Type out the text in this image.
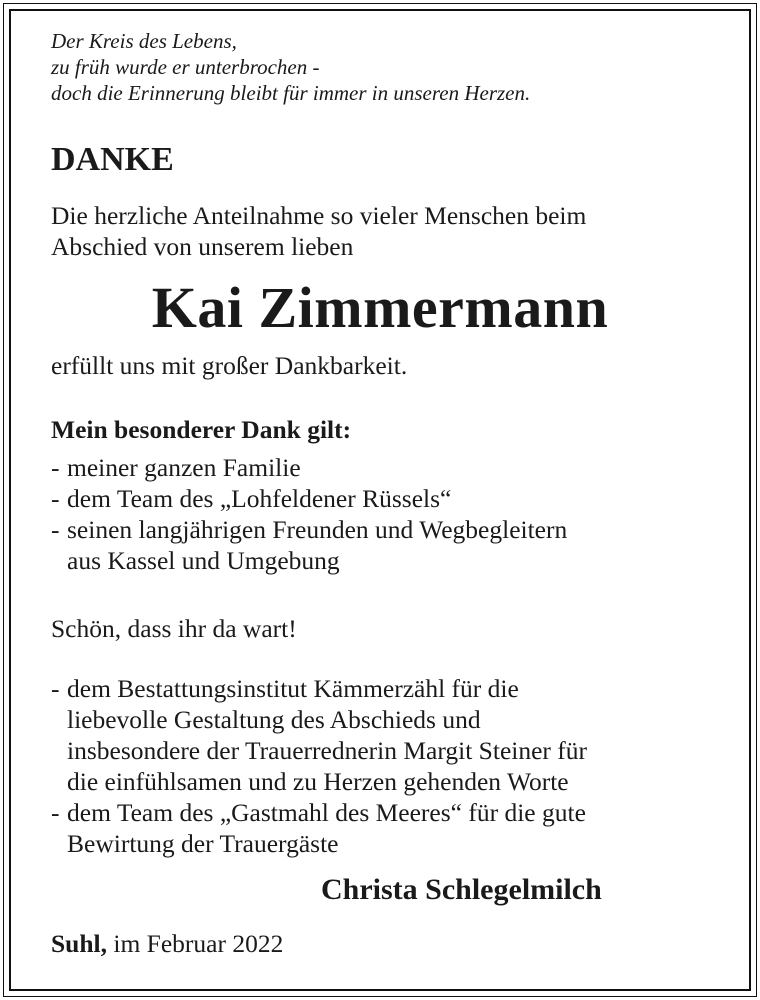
Der Kreis des Lebens,
zu früh wurde er unterbrochen -
doch die Erinnerung bleibt für immer in unseren Herzen.
DANKE
Die herzliche Anteilnahme so vieler Menschen beim
Abschied von unserem lieben
Kai Zimmermann
erfüllt uns mit großer Dankbarkeit.
Mein besonderer Dank gilt:
- meiner ganzen Familie
- dem Team des „Lohfeldener Rüssels“
- seinen langjährigen Freunden und Wegbegleitern
aus Kassel und Umgebung
Schön, dass ihr da wart!
- dem Bestattungsinstitut Kämmerzähl für die
liebevolle Gestaltung des Abschieds und
insbesondere der Trauerrednerin Margit Steiner für
die einfühlsamen und zu Herzen gehenden Worte
- dem Team des „Gastmahl des Meeres“ für die gute
Bewirtung der Trauergäste
Christa Schlegelmilch
Suhl, im Februar 2022
